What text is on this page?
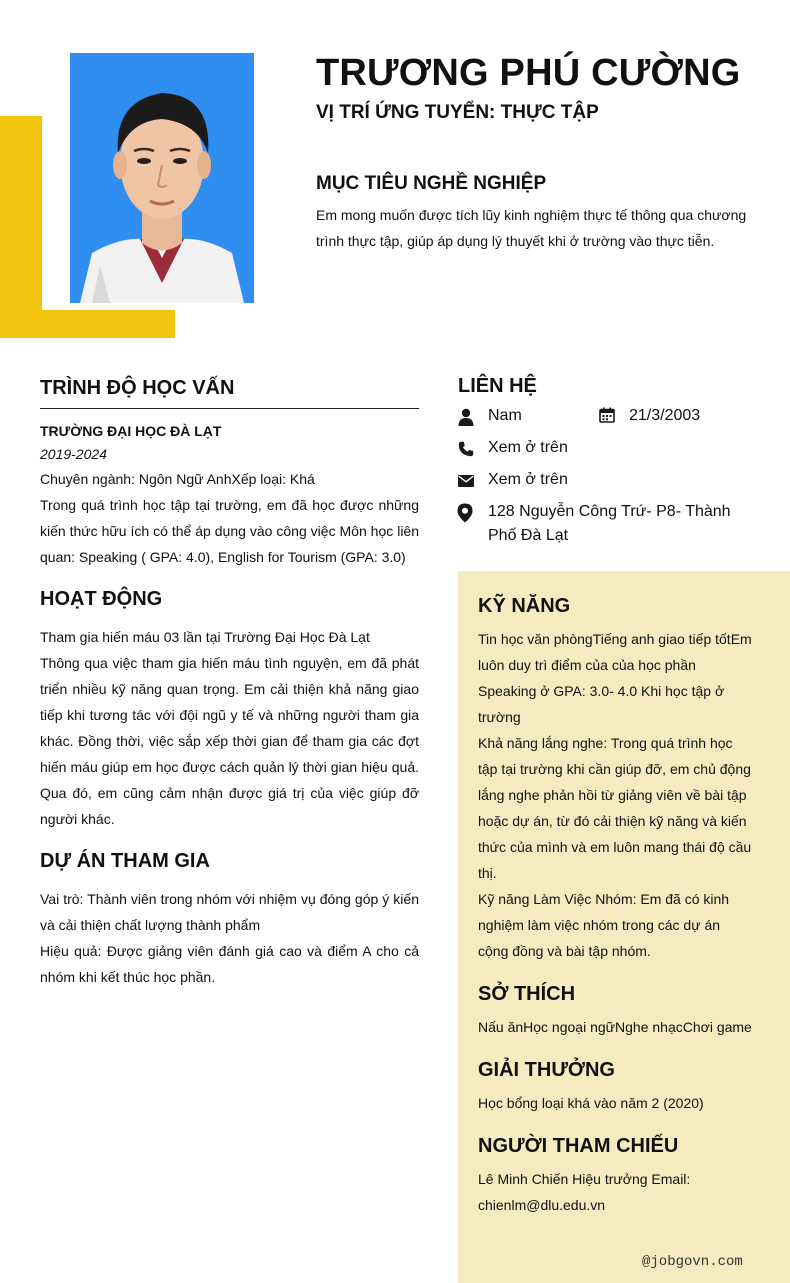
TRƯƠNG PHÚ CƯỜNG
VỊ TRÍ ỨNG TUYỂN: THỰC TẬP
MỤC TIÊU NGHỀ NGHIỆP

Em mong muốn được tích lũy kinh nghiệm thực tế thông qua chương trình thực tập, giúp áp dụng lý thuyết khi ở trường vào thực tiễn.

TRÌNH ĐỘ HỌC VẤN
TRƯỜNG ĐẠI HỌC ĐÀ LẠT
2019-2024
Chuyên ngành: Ngôn Ngữ AnhXếp loại: Khá

Trong quá trình học tập tại trường, em đã học được những kiến thức hữu ích có thể áp dụng vào công việc Môn học liên quan: Speaking ( GPA: 4.0), English for Tourism (GPA: 3.0)

HOẠT ĐỘNG

Tham gia hiến máu 03 lần tại Trường Đại Học Đà Lạt

Thông qua việc tham gia hiến máu tình nguyện, em đã phát triển nhiều kỹ năng quan trọng. Em cải thiện khả năng giao tiếp khi tương tác với đội ngũ y tế và những người tham gia khác. Đồng thời, việc sắp xếp thời gian để tham gia các đợt hiến máu giúp em học được cách quản lý thời gian hiệu quả. Qua đó, em cũng cảm nhận được giá trị của việc giúp đỡ người khác.

DỰ ÁN THAM GIA

Vai trò: Thành viên trong nhóm với nhiệm vụ đóng góp ý kiến và cải thiện chất lượng thành phẩm

Hiệu quả: Được giảng viên đánh giá cao và điểm A cho cả nhóm khi kết thúc học phần.

LIÊN HỆ
Nam	21/3/2003
Xem ở trên
Xem ở trên
128 Nguyễn Công Trứ- P8- Thành Phố Đà Lạt
KỸ NĂNG

Tin học văn phòngTiếng anh giao tiếp tốtEm luôn duy trì điểm của của học phần Speaking ở GPA: 3.0- 4.0 Khi học tập ở trường

Khả năng lắng nghe: Trong quá trình học tập tại trường khi cần giúp đỡ, em chủ động lắng nghe phản hồi từ giảng viên về bài tập hoặc dự án, từ đó cải thiện kỹ năng và kiến thức của mình và em luôn mang thái độ cầu thị.

Kỹ năng Làm Việc Nhóm: Em đã có kinh nghiệm làm việc nhóm trong các dự án cộng đồng và bài tập nhóm.

SỞ THÍCH

Nấu ănHọc ngoại ngữNghe nhạcChơi game

GIẢI THƯỞNG

Học bổng loại khá vào năm 2 (2020)

NGƯỜI THAM CHIẾU

Lê Minh Chiến Hiệu trưởng Email: chienlm@dlu.edu.vn

@jobgovn.com
